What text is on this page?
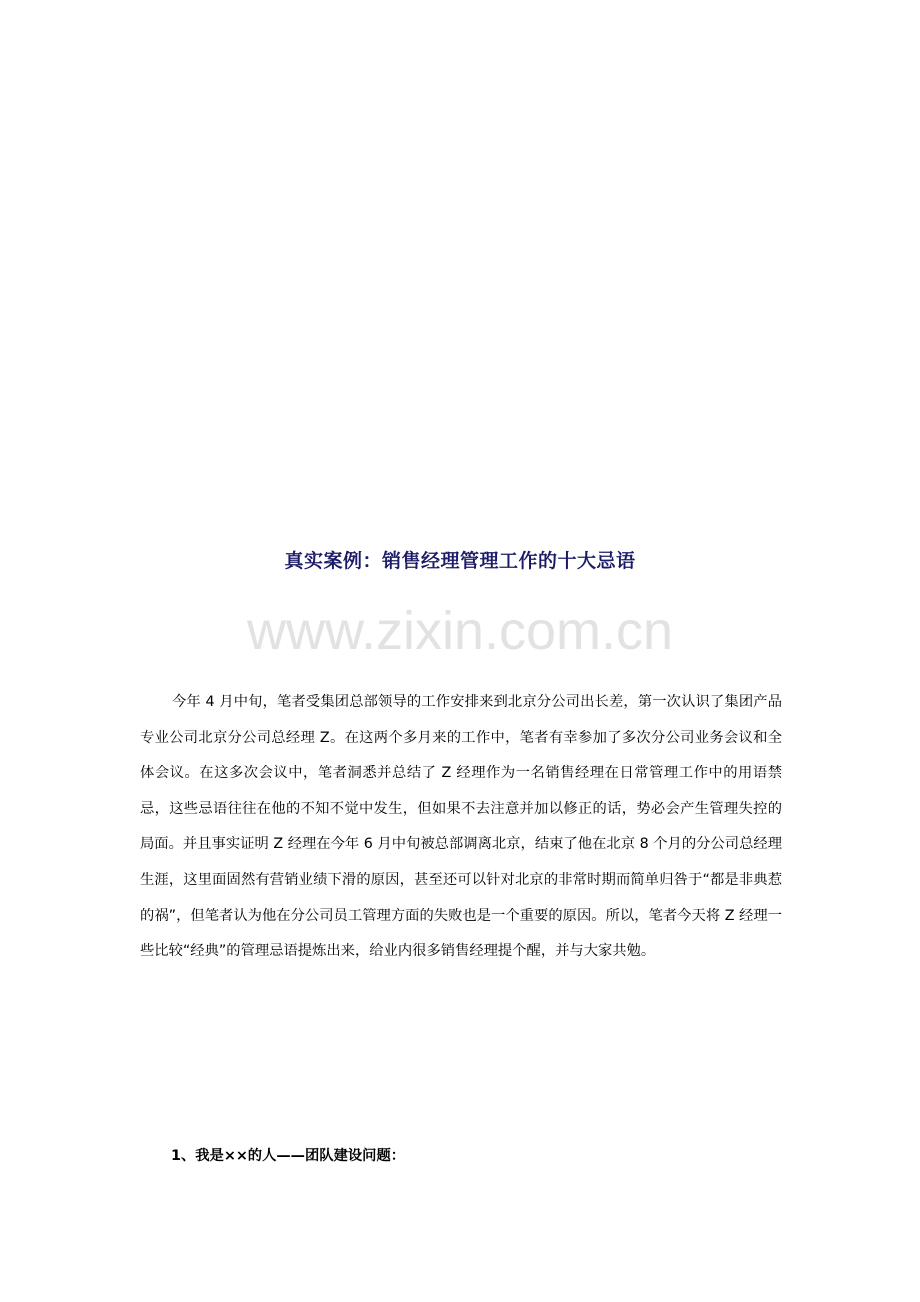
真实案例：销售经理管理工作的十大忌语
www.zixin.com.cn

今年 4 月中旬，笔者受集团总部领导的工作安排来到北京分公司出长差，第一次认识了集团产品专业公司北京分公司总经理 Z。在这两个多月来的工作中，笔者有幸参加了多次分公司业务会议和全体会议。在这多次会议中，笔者洞悉并总结了 Z 经理作为一名销售经理在日常管理工作中的用语禁忌，这些忌语往往在他的不知不觉中发生，但如果不去注意并加以修正的话，势必会产生管理失控的局面。并且事实证明 Z 经理在今年 6 月中旬被总部调离北京，结束了他在北京 8 个月的分公司总经理生涯，这里面固然有营销业绩下滑的原因，甚至还可以针对北京的非常时期而简单归咎于“都是非典惹的祸”，但笔者认为他在分公司员工管理方面的失败也是一个重要的原因。所以，笔者今天将 Z 经理一些比较“经典”的管理忌语提炼出来，给业内很多销售经理提个醒，并与大家共勉。

1、我是××的人——团队建设问题：
